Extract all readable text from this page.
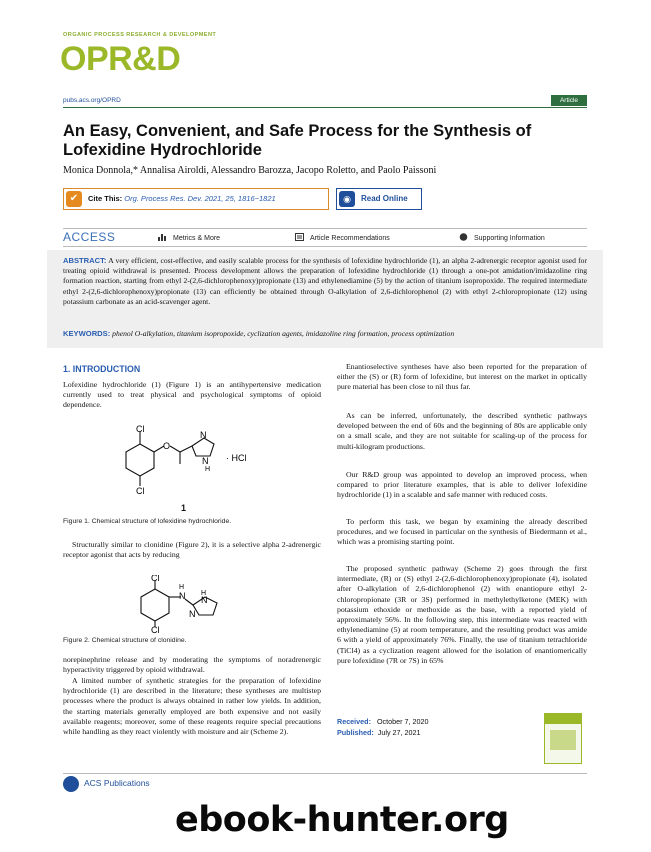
ORGANIC PROCESS RESEARCH & DEVELOPMENT
OPR&D
pubs.acs.org/OPRD	Article
An Easy, Convenient, and Safe Process for the Synthesis of Lofexidine Hydrochloride
Monica Donnola,* Annalisa Airoldi, Alessandro Barozza, Jacopo Roletto, and Paolo Paissoni
✔	Cite This: Org. Process Res. Dev. 2021, 25, 1816−1821	◉	Read Online
ACCESS	Metrics & More	Article Recommendations	Supporting Information
ABSTRACT: A very efficient, cost-effective, and easily scalable process for the synthesis of lofexidine hydrochloride (1), an alpha 2-adrenergic receptor agonist used for treating opioid withdrawal is presented. Process development allows the preparation of lofexidine hydrochloride (1) through a one-pot amidation/imidazoline ring formation reaction, starting from ethyl 2-(2,6-dichlorophenoxy)propionate (13) and ethylenediamine (5) by the action of titanium isopropoxide. The required intermediate ethyl 2-(2,6-dichlorophenoxy)propionate (13) can efficiently be obtained through O-alkylation of 2,6-dichlorophenol (2) with ethyl 2-chloropropionate (12) using potassium carbonate as an acid-scavenger agent.
KEYWORDS: phenol O-alkylation, titanium isopropoxide, cyclization agents, imidazoline ring formation, process optimization
1. INTRODUCTION
Lofexidine hydrochloride (1) (Figure 1) is an antihypertensive medication currently used to treat physical and psychological symptoms of opioid dependence.
Cl
Cl
O
N
N
H
· HCl
1
Figure 1. Chemical structure of lofexidine hydrochloride.
Structurally similar to clonidine (Figure 2), it is a selective alpha 2-adrenergic receptor agonist that acts by reducing
Cl
Cl
H
N H
N
N
Figure 2. Chemical structure of clonidine.
norepinephrine release and by moderating the symptoms of noradrenergic hyperactivity triggered by opioid withdrawal.
A limited number of synthetic strategies for the preparation of lofexidine hydrochloride (1) are described in the literature; these syntheses are multistep processes where the product is always obtained in rather low yields. In addition, the starting materials generally employed are both expensive and not easily available reagents; moreover, some of these reagents require special precautions while handling as they react violently with moisture and air (Scheme 2).
Enantioselective syntheses have also been reported for the preparation of either the (S) or (R) form of lofexidine, but interest on the market in optically pure material has been close to nil thus far.
As can be inferred, unfortunately, the described synthetic pathways developed between the end of 60s and the beginning of 80s are applicable only on a small scale, and they are not suitable for scaling-up of the process for multi-kilogram productions.
Our R&D group was appointed to develop an improved process, when compared to prior literature examples, that is able to deliver lofexidine hydrochloride (1) in a scalable and safe manner with reduced costs.
To perform this task, we began by examining the already described procedures, and we focused in particular on the synthesis of Biedermann et al., which was a promising starting point.
The proposed synthetic pathway (Scheme 2) goes through the first intermediate, (R) or (S) ethyl 2-(2,6-dichlorophenoxy)propionate (4), isolated after O-alkylation of 2,6-dichlorophenol (2) with enantiopure ethyl 2-chloropropionate (3R or 3S) performed in methylethylketone (MEK) with potassium ethoxide or methoxide as the base, with a reported yield of approximately 56%. In the following step, this intermediate was reacted with ethylenediamine (5) at room temperature, and the resulting product was amide 6 with a yield of approximately 76%. Finally, the use of titanium tetrachloride (TiCl4) as a cyclization reagent allowed for the isolation of enantiomerically pure lofexidine (7R or 7S) in 65%
Received: October 7, 2020
Published: July 27, 2021
ACS Publications
ebook-hunter.org
